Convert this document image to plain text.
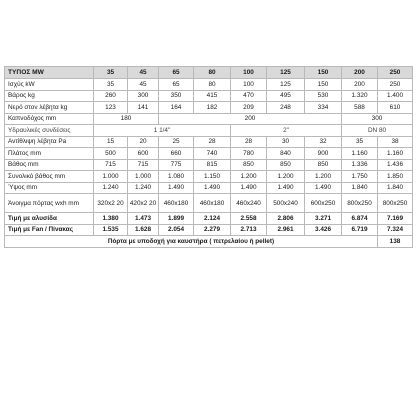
ΤΥΠΟΣ MW	35	45	65	80	100	125	150	200	250
Ισχύς kW	35	45	65	80	100	125	150	200	250
Βάρος kg	260	300	350	415	470	495	530	1.320	1.400
Νερό στον λέβητα kg	123	141	164	182	209	248	334	588	610
Καπνοδόχος mm	180		200					300	
Υδραυλικές συνδέσεις	1 1/4"				2"			DN 80	
Αντίθλιψη λέβητα Pa	15	20	25	28	28	30	32	35	38
Πλάτος mm	500	600	660	740	780	840	900	1.160	1.160
Βάθος mm	715	715	775	815	850	850	850	1.336	1.436
Συνολικό βάθος mm	1.000	1.000	1.080	1.150	1.200	1.200	1.200	1.750	1.850
Ύψος mm	1.240	1.240	1.490	1.490	1.490	1.490	1.490	1.840	1.840
Άνοιγμα πόρτας wxh mm	320x2 20	420x2 20	460x180	460x180	460x240	500x240	600x250	800x250	800x250
Τιμή με αλυσίδα	1.380	1.473	1.899	2.124	2.558	2.806	3.271	6.874	7.169
Τιμή με Fan / Πίνακας	1.535	1.628	2.054	2.279	2.713	2.961	3.426	6.719	7.324
Πόρτα με υποδοχή για καυστήρα ( πετρελαίου ή pellet)									138
